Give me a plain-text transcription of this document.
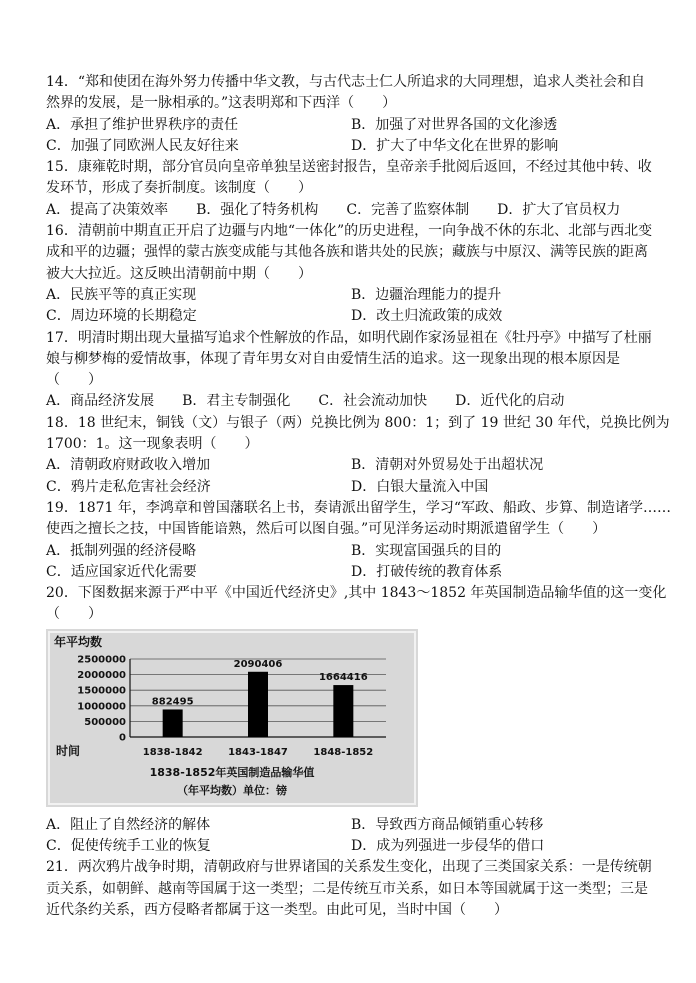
14．“郑和使团在海外努力传播中华文教，与古代志士仁人所追求的大同理想，追求人类社会和自
然界的发展，是一脉相承的。”这表明郑和下西洋（　　）
A．承担了维护世界秩序的责任	B．加强了对世界各国的文化渗透
C．加强了同欧洲人民友好往来	D．扩大了中华文化在世界的影响
15．康雍乾时期，部分官员向皇帝单独呈送密封报告，皇帝亲手批阅后返回，不经过其他中转、收
发环节，形成了奏折制度。该制度（　　）
A．提高了决策效率 B．强化了特务机构 C．完善了监察体制 D．扩大了官员权力
16．清朝前中期直正开启了边疆与内地“一体化”的历史进程，一向争战不休的东北、北部与西北变
成和平的边疆；强悍的蒙古族变成能与其他各族和谐共处的民族；藏族与中原汉、满等民族的距离
被大大拉近。这反映出清朝前中期（　　）
A．民族平等的真正实现	B．边疆治理能力的提升
C．周边环境的长期稳定	D．改土归流政策的成效
17．明清时期出现大量描写追求个性解放的作品，如明代剧作家汤显祖在《牡丹亭》中描写了杜丽
娘与柳梦梅的爱情故事，体现了青年男女对自由爱情生活的追求。这一现象出现的根本原因是
（　　）
A．商品经济发展 B．君主专制强化 C．社会流动加快 D．近代化的启动
18．18 世纪末，铜钱（文）与银子（两）兑换比例为 800：1；到了 19 世纪 30 年代，兑换比例为
1700：1。这一现象表明（　　）
A．清朝政府财政收入增加	B．清朝对外贸易处于出超状况
C．鸦片走私危害社会经济	D．白银大量流入中国
19．1871 年，李鸿章和曾国藩联名上书，奏请派出留学生，学习“军政、船政、步算、制造诸学……
使西之擅长之技，中国皆能谙熟，然后可以图自强。”可见洋务运动时期派遣留学生（　　）
A．抵制列强的经济侵略	B．实现富国强兵的目的
C．适应国家近代化需要	D．打破传统的教育体系
20．下图数据来源于严中平《中国近代经济史》,其中 1843～1852 年英国制造品输华值的这一变化
（　　）
年平均数
0
500000
1000000
1500000
2000000
2500000
882495
2090406
1664416
时间	1838-1842	1843-1847	1848-1852
1838-1852年英国制造品输华值
（年平均数）单位：镑
A．阻止了自然经济的解体	B．导致西方商品倾销重心转移
C．促使传统手工业的恢复	D．成为列强进一步侵华的借口
21．两次鸦片战争时期，清朝政府与世界诸国的关系发生变化，出现了三类国家关系：一是传统朝
贡关系，如朝鲜、越南等国属于这一类型；二是传统互市关系，如日本等国就属于这一类型；三是
近代条约关系，西方侵略者都属于这一类型。由此可见，当时中国（　　）
